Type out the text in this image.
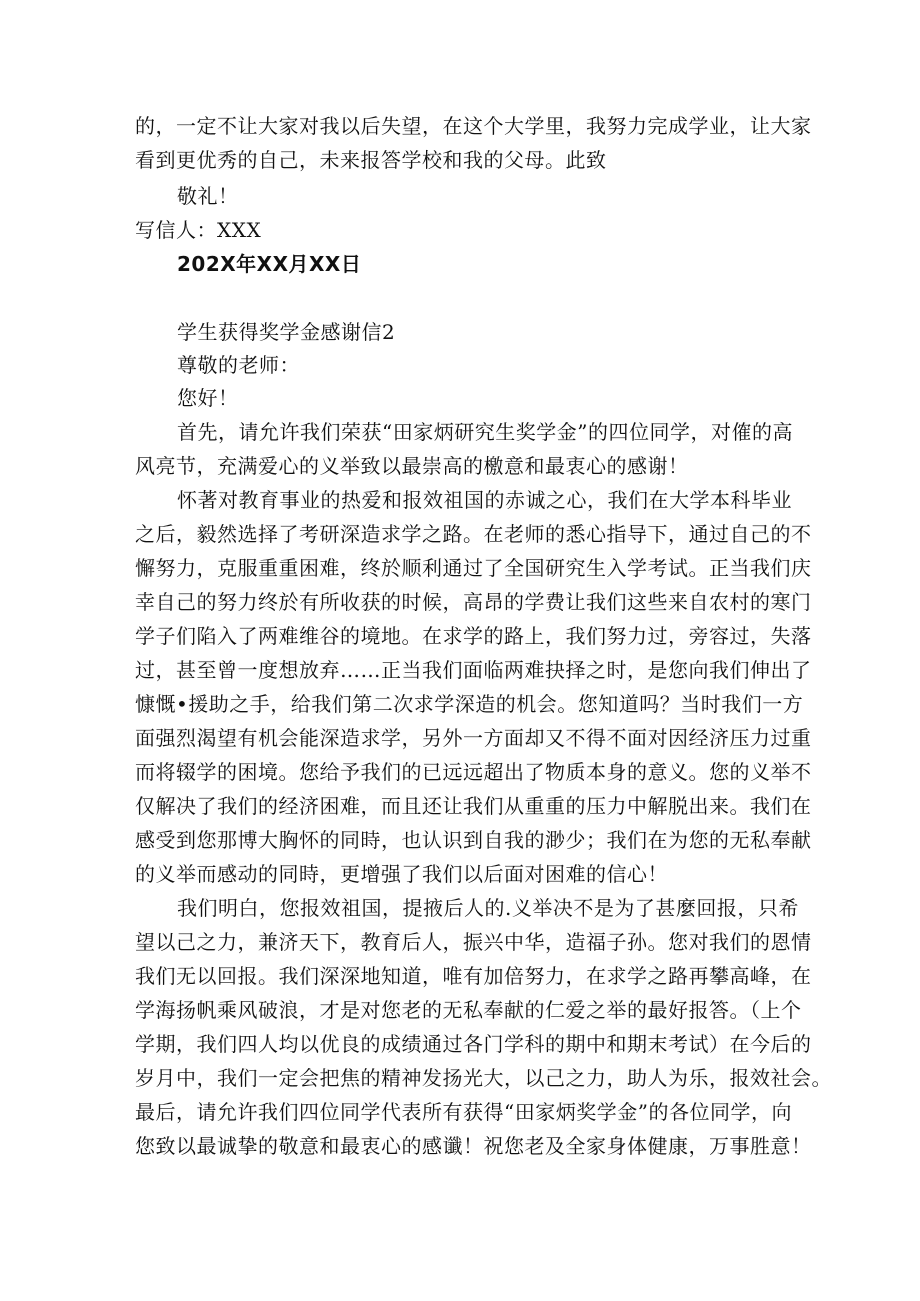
的，一定不让大家对我以后失望，在这个大学里，我努力完成学业，让大家
看到更优秀的自己，未来报答学校和我的父母。此致
敬礼！
写信人：XXX
202X年XX月XX日
学生获得奖学金感谢信2
尊敬的老师：
您好！
首先，请允许我们荣获“田家炳研究生奖学金”的四位同学，对傕的高
风亮节，充满爱心的义举致以最崇高的檄意和最衷心的感谢！
怀著对教育事业的热爱和报效祖国的赤诚之心，我们在大学本科毕业
之后，毅然选择了考研深造求学之路。在老师的悉心指导下，通过自己的不
懈努力，克服重重困难，终於顺利通过了全国研究生入学考试。正当我们庆
幸自己的努力终於有所收获的时候，高昂的学费让我们这些来自农村的寒门
学子们陷入了两难维谷的境地。在求学的路上，我们努力过，旁容过，失落
过，甚至曾一度想放弃……正当我们面临两难抉择之时，是您向我们伸出了
慷慨•援助之手，给我们第二次求学深造的机会。您知道吗？当时我们一方
面强烈渴望有机会能深造求学，另外一方面却又不得不面对因经济压力过重
而将辍学的困境。您给予我们的已远远超出了物质本身的意义。您的义举不
仅解决了我们的经济困难，而且还让我们从重重的压力中解脱出来。我们在
感受到您那博大胸怀的同時，也认识到自我的渺少；我们在为您的无私奉献
的义举而感动的同時，更增强了我们以后面对困难的信心！
我们明白，您报效祖国，提掖后人的.义举决不是为了甚麼回报，只希
望以己之力，兼济天下，教育后人，振兴中华，造福子孙。您对我们的恩情
我们无以回报。我们深深地知道，唯有加倍努力，在求学之路再攀高峰，在
学海扬帆乘风破浪，才是对您老的无私奉献的仁爱之举的最好报答。（上个
学期，我们四人均以优良的成绩通过各门学科的期中和期末考试）在今后的
岁月中，我们一定会把焦的精神发扬光大，以己之力，助人为乐，报效社会。
最后，请允许我们四位同学代表所有获得“田家炳奖学金”的各位同学，向
您致以最诚挚的敬意和最衷心的感谶！祝您老及全家身体健康，万事胜意！
